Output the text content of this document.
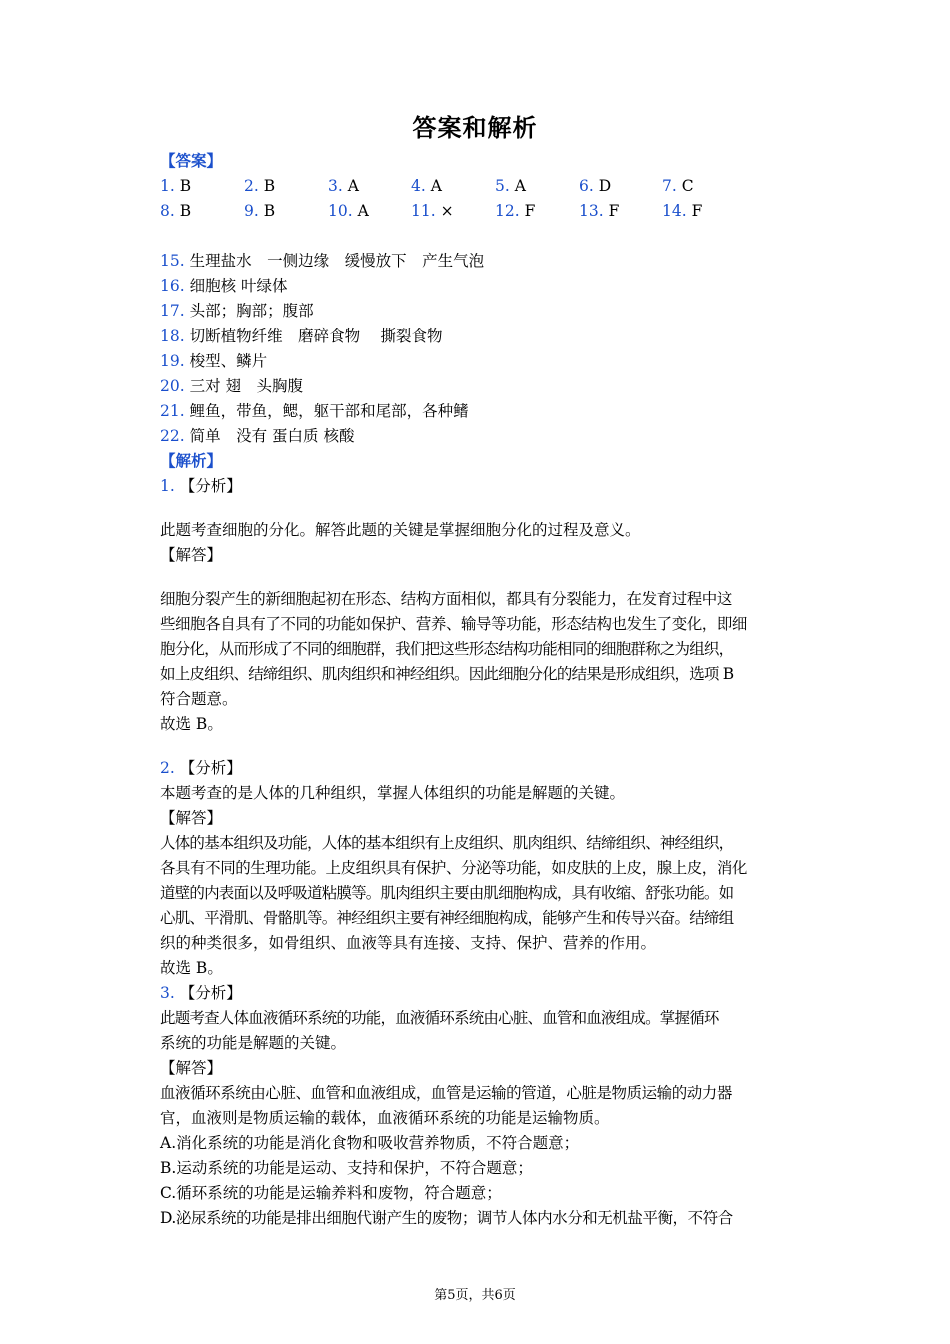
答案和解析
【答案】
1. B	2. B	3. A	4. A	5. A	6. D	7. C
8. B	9. B	10. A	11. ×	12. F	13. F	14. F
15. 生理盐水　一侧边缘　缓慢放下　产生气泡
16. 细胞核 叶绿体
17. 头部；胸部；腹部
18. 切断植物纤维　磨碎食物　 撕裂食物
19. 梭型、鳞片
20. 三对 翅　头胸腹
21. 鲤鱼，带鱼，鳃，躯干部和尾部，各种鳍
22. 简单　没有 蛋白质 核酸
【解析】
1. 【分析】
此题考查细胞的分化。解答此题的关键是掌握细胞分化的过程及意义。
【解答】
细胞分裂产生的新细胞起初在形态、结构方面相似，都具有分裂能力，在发育过程中这
些细胞各自具有了不同的功能如保护、营养、输导等功能，形态结构也发生了变化，即细
胞分化，从而形成了不同的细胞群，我们把这些形态结构功能相同的细胞群称之为组织，
如上皮组织、结缔组织、肌肉组织和神经组织。因此细胞分化的结果是形成组织，选项 B
符合题意。
故选 B。
2. 【分析】
本题考查的是人体的几种组织，掌握人体组织的功能是解题的关键。
【解答】
人体的基本组织及功能，人体的基本组织有上皮组织、肌肉组织、结缔组织、神经组织，
各具有不同的生理功能。上皮组织具有保护、分泌等功能，如皮肤的上皮，腺上皮，消化
道壁的内表面以及呼吸道粘膜等。肌肉组织主要由肌细胞构成，具有收缩、舒张功能。如
心肌、平滑肌、骨骼肌等。神经组织主要有神经细胞构成，能够产生和传导兴奋。结缔组
织的种类很多，如骨组织、血液等具有连接、支持、保护、营养的作用。
故选 B。
3. 【分析】
此题考查人体血液循环系统的功能，血液循环系统由心脏、血管和血液组成。掌握循环
系统的功能是解题的关键。
【解答】
血液循环系统由心脏、血管和血液组成，血管是运输的管道，心脏是物质运输的动力器
官，血液则是物质运输的载体，血液循环系统的功能是运输物质。
A.消化系统的功能是消化食物和吸收营养物质，不符合题意；
B.运动系统的功能是运动、支持和保护，不符合题意；
C.循环系统的功能是运输养料和废物，符合题意；
D.泌尿系统的功能是排出细胞代谢产生的废物；调节人体内水分和无机盐平衡，不符合
第5页，共6页
